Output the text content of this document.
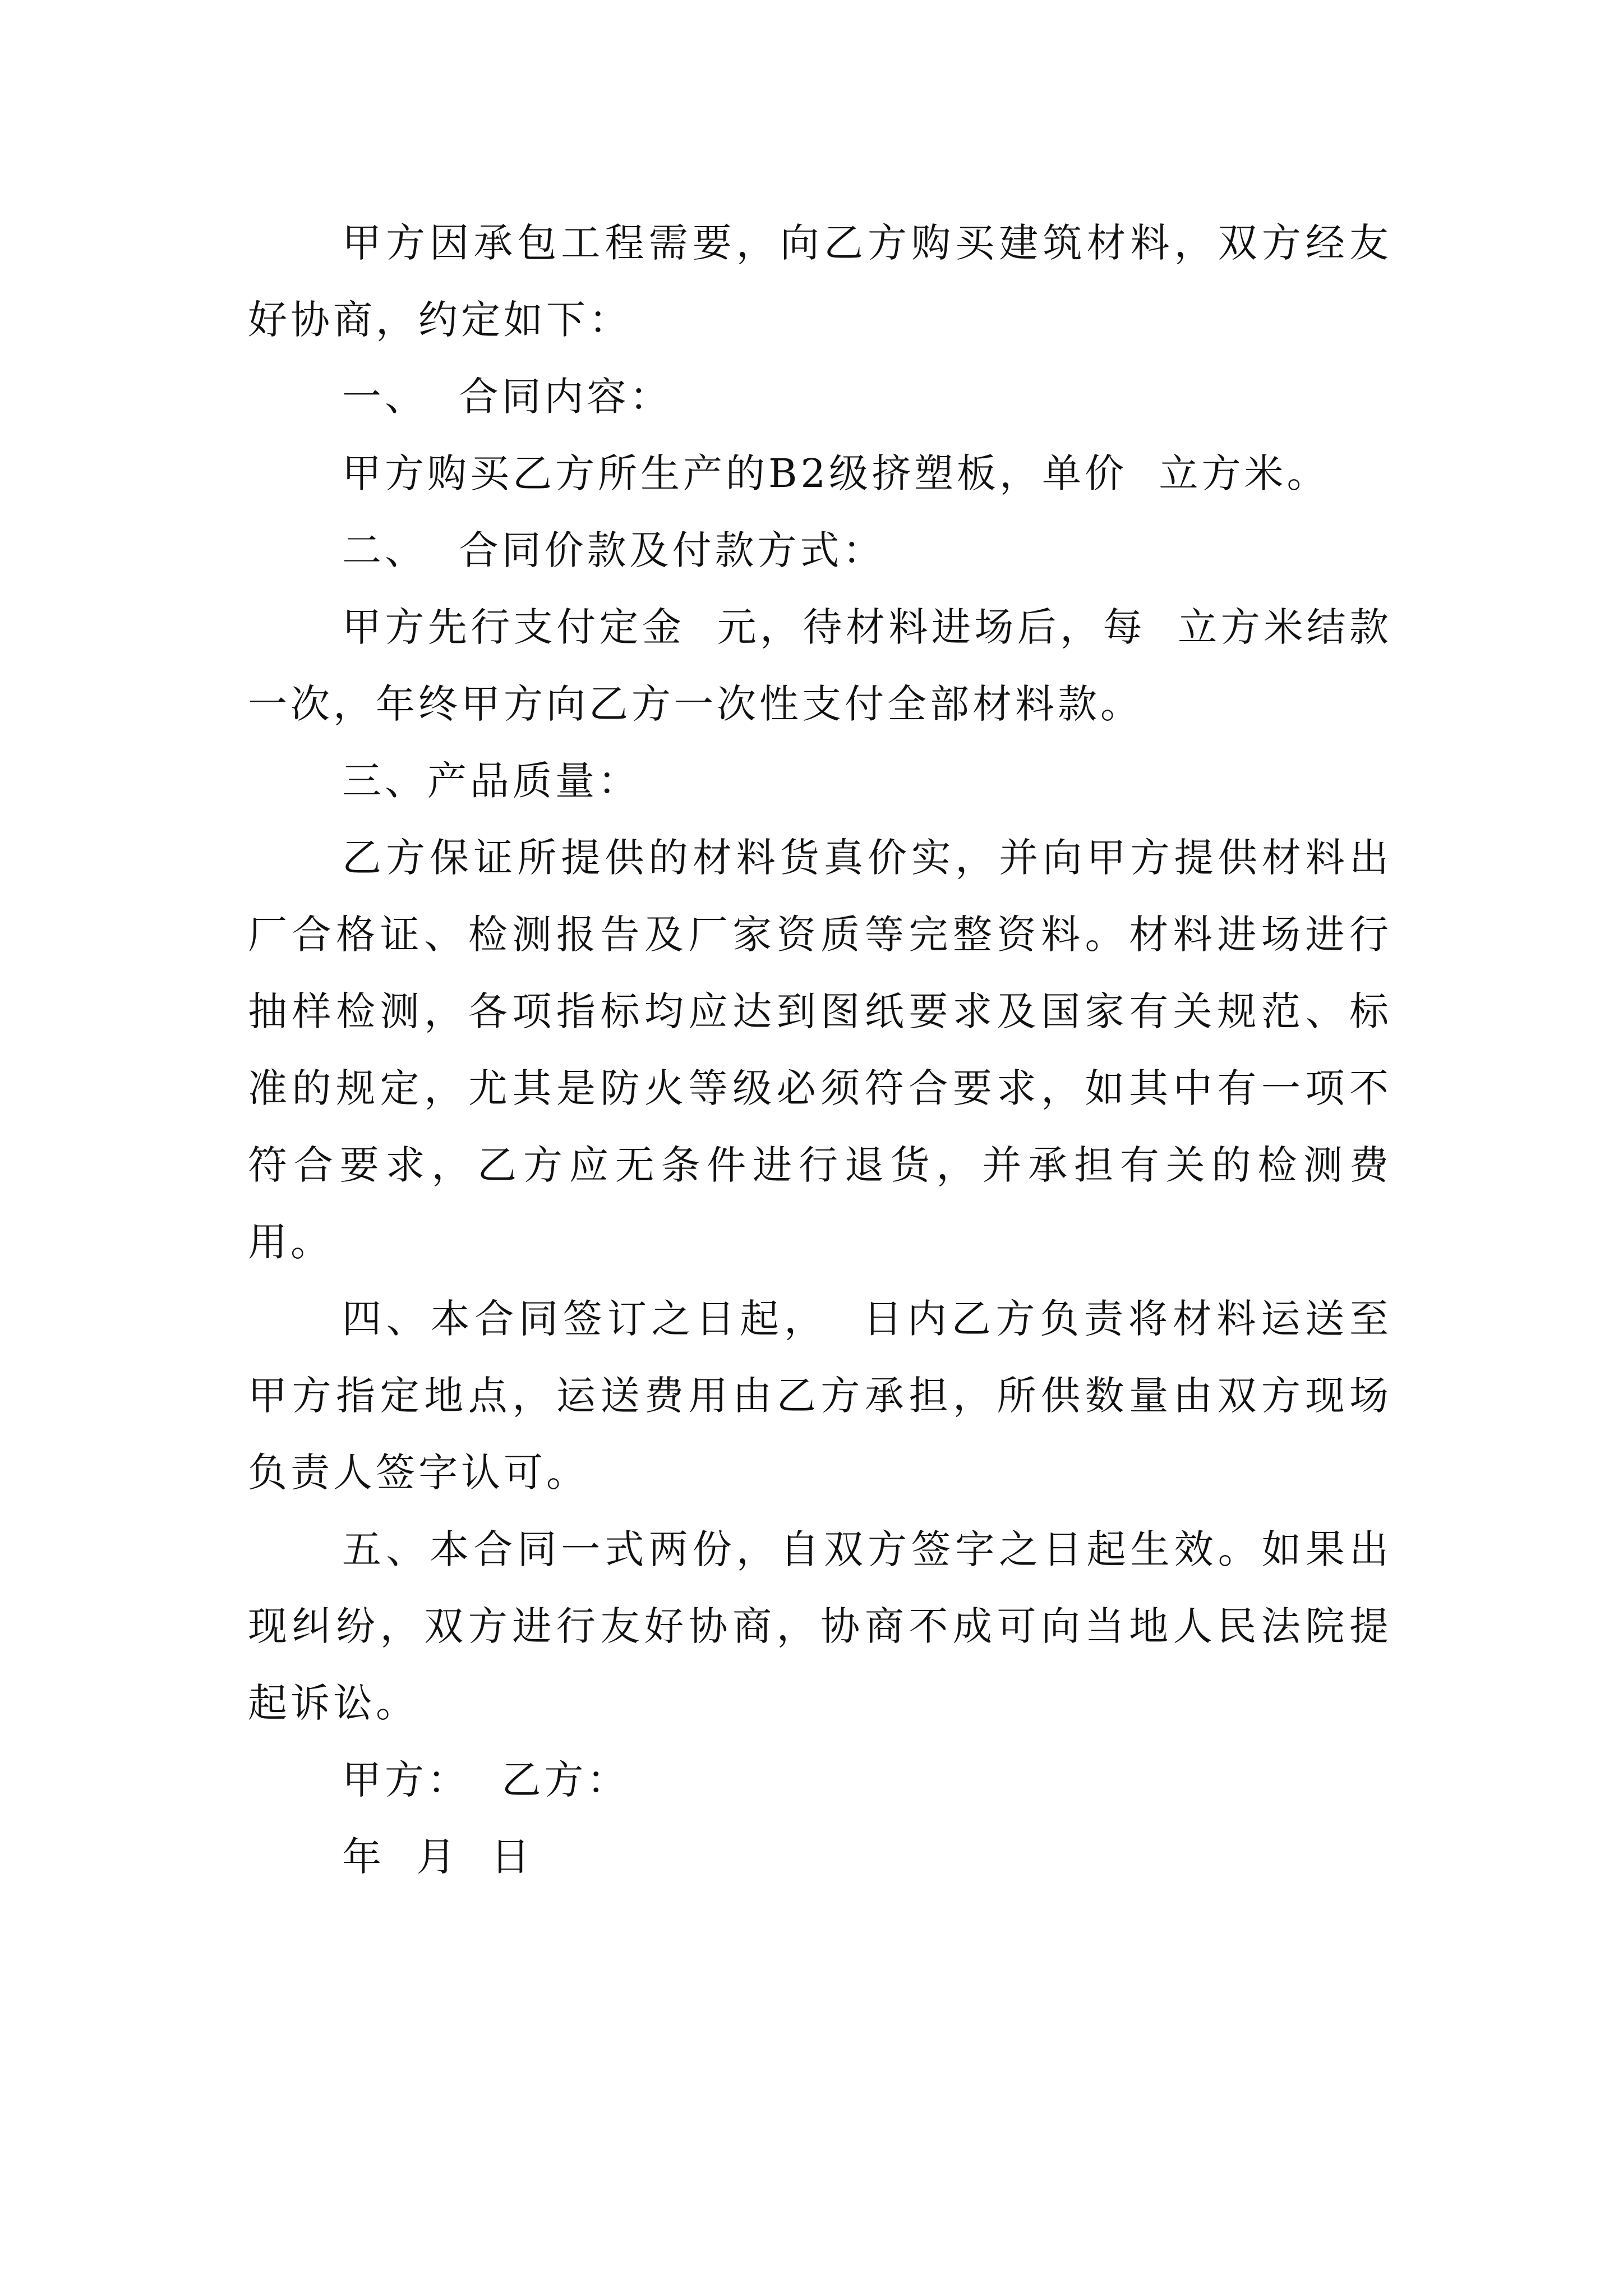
甲方因承包工程需要，向乙方购买建筑材料，双方经友好协商，约定如下：

一、  合同内容：

甲方购买乙方所生产的B2级挤塑板，单价  立方米。

二、  合同价款及付款方式：

甲方先行支付定金  元，待材料进场后，每  立方米结款一次，年终甲方向乙方一次性支付全部材料款。

三、产品质量：

乙方保证所提供的材料货真价实，并向甲方提供材料出厂合格证、检测报告及厂家资质等完整资料。材料进场进行抽样检测，各项指标均应达到图纸要求及国家有关规范、标准的规定，尤其是防火等级必须符合要求，如其中有一项不符合要求，乙方应无条件进行退货，并承担有关的检测费用。

四、本合同签订之日起，  日内乙方负责将材料运送至甲方指定地点，运送费用由乙方承担，所供数量由双方现场负责人签字认可。

五、本合同一式两份，自双方签字之日起生效。如果出现纠纷，双方进行友好协商，协商不成可向当地人民法院提起诉讼。

甲方：  乙方：

年  月  日
